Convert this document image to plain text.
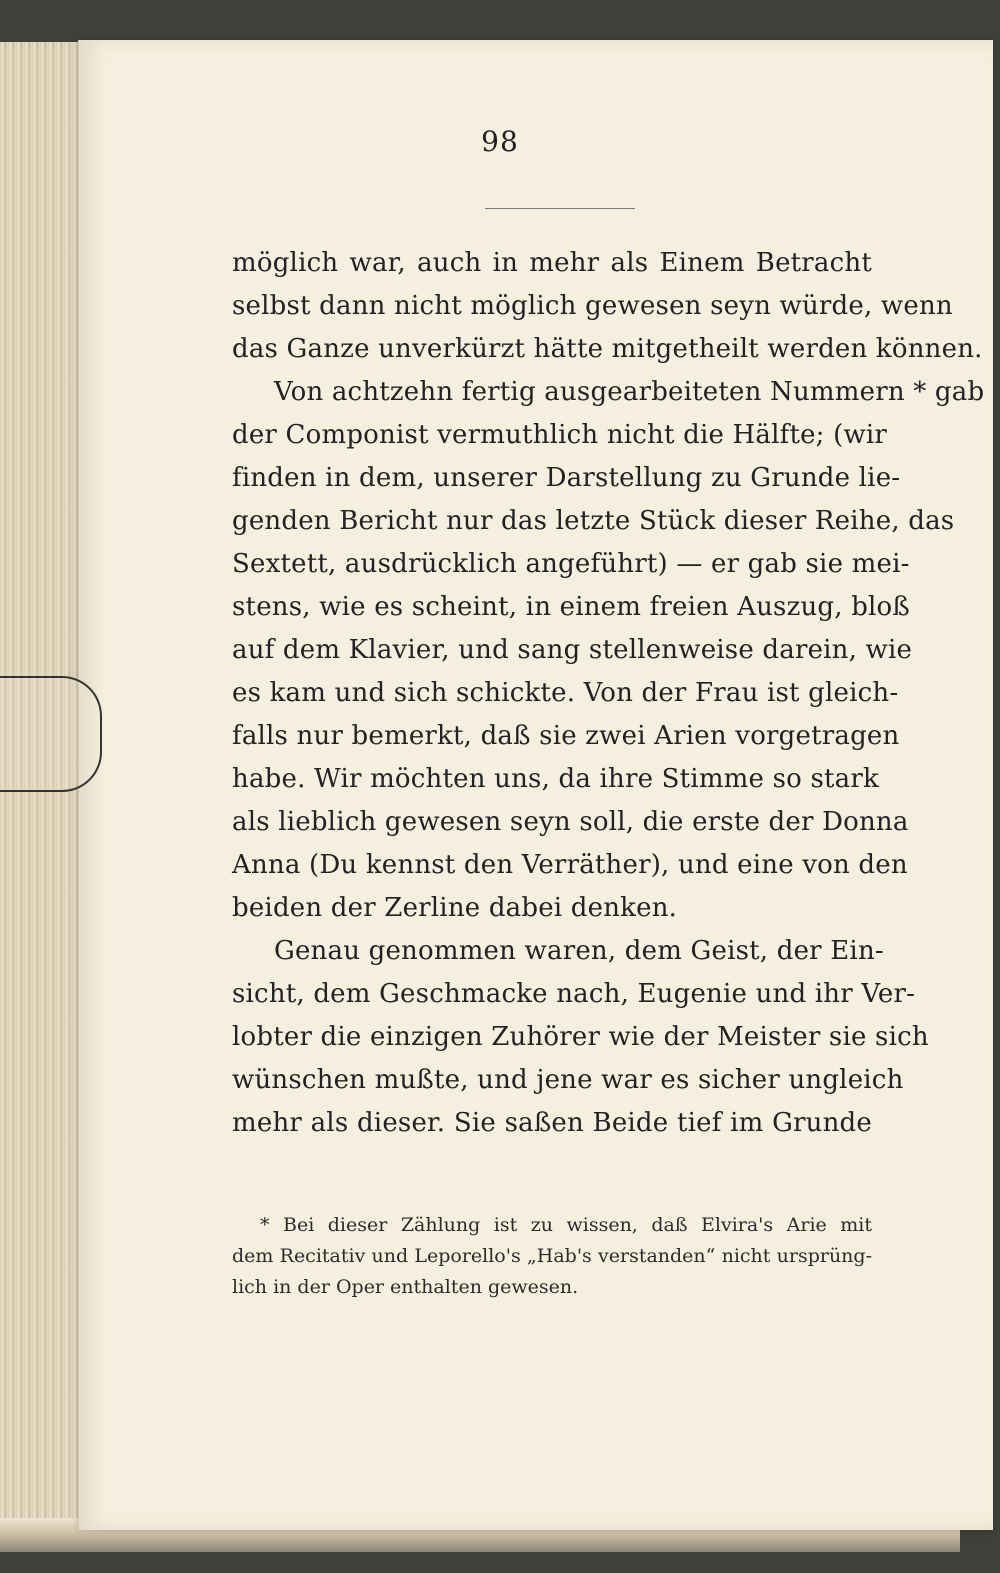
98
möglich war, auch in mehr als Einem Betracht
selbst dann nicht möglich gewesen seyn würde, wenn
das Ganze unverkürzt hätte mitgetheilt werden können.
Von achtzehn fertig ausgearbeiteten Nummern * gab
der Componist vermuthlich nicht die Hälfte; (wir
finden in dem, unserer Darstellung zu Grunde lie-
genden Bericht nur das letzte Stück dieser Reihe, das
Sextett, ausdrücklich angeführt) — er gab sie mei-
stens, wie es scheint, in einem freien Auszug, bloß
auf dem Klavier, und sang stellenweise darein, wie
es kam und sich schickte. Von der Frau ist gleich-
falls nur bemerkt, daß sie zwei Arien vorgetragen
habe. Wir möchten uns, da ihre Stimme so stark
als lieblich gewesen seyn soll, die erste der Donna
Anna (Du kennst den Verräther), und eine von den
beiden der Zerline dabei denken.
Genau genommen waren, dem Geist, der Ein-
sicht, dem Geschmacke nach, Eugenie und ihr Ver-
lobter die einzigen Zuhörer wie der Meister sie sich
wünschen mußte, und jene war es sicher ungleich
mehr als dieser. Sie saßen Beide tief im Grunde
* Bei dieser Zählung ist zu wissen, daß Elvira's Arie mit
dem Recitativ und Leporello's „Hab's verstanden“ nicht ursprüng-
lich in der Oper enthalten gewesen.
